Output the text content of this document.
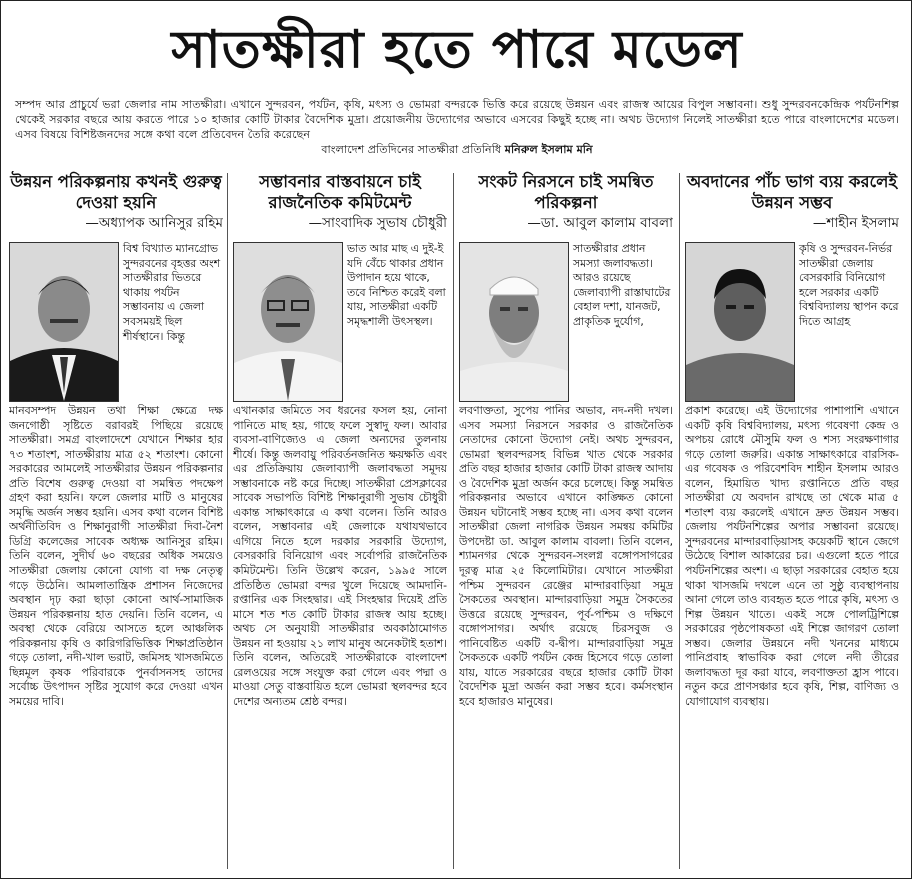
সাতক্ষীরা হতে পারে মডেল
সম্পদ আর প্রাচুর্যে ভরা জেলার নাম সাতক্ষীরা। এখানে সুন্দরবন, পর্যটন, কৃষি, মৎস্য ও ভোমরা বন্দরকে ভিত্তি করে রয়েছে উন্নয়ন এবং রাজস্ব আয়ের বিপুল সম্ভাবনা। শুধু সুন্দরবনকেন্দ্রিক পর্যটনশিল্প থেকেই সরকার বছরে আয় করতে পারে ১০ হাজার কোটি টাকার বৈদেশিক মুদ্রা। প্রয়োজনীয় উদ্যোগের অভাবে এসবের কিছুই হচ্ছে না। অথচ উদ্যোগ নিলেই সাতক্ষীরা হতে পারে বাংলাদেশের মডেল। এসব বিষয়ে বিশিষ্টজনদের সঙ্গে কথা বলে প্রতিবেদন তৈরি করেছেন
বাংলাদেশ প্রতিদিনের সাতক্ষীরা প্রতিনিধি মনিরুল ইসলাম মনি
উন্নয়ন পরিকল্পনায় কখনই গুরুত্ব দেওয়া হয়নি
—অধ্যাপক আনিসুর রহিম
বিশ্ব বিখ্যাত ম্যানগ্রোভ সুন্দরবনের বৃহত্তর অংশ সাতক্ষীরার ভিতরে থাকায় পর্যটন সম্ভাবনায় এ জেলা সবসময়ই ছিল শীর্ষস্থানে। কিন্তু
মানবসম্পদ উন্নয়ন তথা শিক্ষা ক্ষেত্রে দক্ষ জনগোষ্ঠী সৃষ্টিতে বরাবরই পিছিয়ে রয়েছে সাতক্ষীরা। সমগ্র বাংলাদেশে যেখানে শিক্ষার হার ৭৩ শতাংশ, সাতক্ষীরায় মাত্র ৫২ শতাংশ। কোনো সরকারের আমলেই সাতক্ষীরার উন্নয়ন পরিকল্পনার প্রতি বিশেষ গুরুত্ব দেওয়া বা সমন্বিত পদক্ষেপ গ্রহণ করা হয়নি। ফলে জেলার মাটি ও মানুষের সমৃদ্ধি অর্জন সম্ভব হয়নি। এসব কথা বলেন বিশিষ্ট অর্থনীতিবিদ ও শিক্ষানুরাগী সাতক্ষীরা দিবা-নৈশ ডিগ্রি কলেজের সাবেক অধ্যক্ষ আনিসুর রহিম। তিনি বলেন, সুদীর্ঘ ৬০ বছরের অধিক সময়েও সাতক্ষীরা জেলায় কোনো যোগ্য বা দক্ষ নেতৃত্ব গড়ে উঠেনি। আমলাতান্ত্রিক প্রশাসন নিজেদের অবস্থান দৃঢ় করা ছাড়া কোনো আর্থ-সামাজিক উন্নয়ন পরিকল্পনায় হাত দেয়নি। তিনি বলেন, এ অবস্থা থেকে বেরিয়ে আসতে হলে আঞ্চলিক পরিকল্পনায় কৃষি ও কারিগরিভিত্তিক শিক্ষাপ্রতিষ্ঠান গড়ে তোলা, নদী-খাল ভরাট, জমিসহ খাসজমিতে ছিন্নমূল কৃষক পরিবারকে পুনর্বাসনসহ তাদের সর্বোচ্চ উৎপাদন সৃষ্টির সুযোগ করে দেওয়া এখন সময়ের দাবি।
সম্ভাবনার বাস্তবায়নে চাই রাজনৈতিক কমিটমেন্ট
—সাংবাদিক সুভাষ চৌধুরী
ভাত আর মাছ এ দুই-ই যদি বেঁচে থাকার প্রধান উপাদান হয়ে থাকে, তবে নিশ্চিত করেই বলা যায়, সাতক্ষীরা একটি সমৃদ্ধশালী উৎসস্থল।
এখানকার জমিতে সব ধরনের ফসল হয়, নোনা পানিতে মাছ হয়, গাছে ফলে সুস্বাদু ফল। আবার ব্যবসা-বাণিজ্যেও এ জেলা অন্যদের তুলনায় শীর্ষে। কিন্তু জলবায়ু পরিবর্তনজনিত ক্ষয়ক্ষতি এবং এর প্রতিক্রিয়ায় জেলাব্যাপী জলাবদ্ধতা সমূদয় সম্ভাবনাকে নষ্ট করে দিচ্ছে। সাতক্ষীরা প্রেসক্লাবের সাবেক সভাপতি বিশিষ্ট শিক্ষানুরাগী সুভাষ চৌধুরী একান্ত সাক্ষাৎকারে এ কথা বলেন। তিনি আরও বলেন, সম্ভাবনার এই জেলাকে যথাযথভাবে এগিয়ে নিতে হলে দরকার সরকারি উদ্যোগ, বেসরকারি বিনিয়োগ এবং সর্বোপরি রাজনৈতিক কমিটমেন্ট। তিনি উল্লেখ করেন, ১৯৯৫ সালে প্রতিষ্ঠিত ভোমরা বন্দর খুলে দিয়েছে আমদানি-রপ্তানির এক সিংহদ্বার। এই সিংহদ্বার দিয়েই প্রতি মাসে শত শত কোটি টাকার রাজস্ব আয় হচ্ছে। অথচ সে অনুযায়ী সাতক্ষীরার অবকাঠামোগত উন্নয়ন না হওয়ায় ২১ লাখ মানুষ অনেকটাই হতাশ। তিনি বলেন, অতিরেই সাতক্ষীরাকে বাংলাদেশ রেলওয়ের সঙ্গে সংযুক্ত করা গেলে এবং পদ্মা ও মাওয়া সেতু বাস্তবায়িত হলে ভোমরা স্থলবন্দর হবে দেশের অন্যতম শ্রেষ্ঠ বন্দর।
সংকট নিরসনে চাই সমন্বিত পরিকল্পনা
—ডা. আবুল কালাম বাবলা
সাতক্ষীরার প্রধান সমস্যা জলাবদ্ধতা। আরও রয়েছে জেলাব্যাপী রাস্তাঘাটের বেহাল দশা, যানজট, প্রাকৃতিক দুর্যোগ,
লবণাক্ততা, সুপেয় পানির অভাব, নদ-নদী দখল। এসব সমস্যা নিরসনে সরকার ও রাজনৈতিক নেতাদের কোনো উদ্যোগ নেই। অথচ সুন্দরবন, ভোমরা স্থলবন্দরসহ বিভিন্ন খাত থেকে সরকার প্রতি বছর হাজার হাজার কোটি টাকা রাজস্ব আদায় ও বৈদেশিক মুদ্রা অর্জন করে চলেছে। কিন্তু সমন্বিত পরিকল্পনার অভাবে এখানে কাঙ্ক্ষিত কোনো উন্নয়ন ঘটানোই সম্ভব হচ্ছে না। এসব কথা বলেন সাতক্ষীরা জেলা নাগরিক উন্নয়ন সমন্বয় কমিটির উপদেষ্টা ডা. আবুল কালাম বাবলা। তিনি বলেন, শ্যামনগর থেকে সুন্দরবন-সংলগ্ন বঙ্গোপসাগরের দূরত্ব মাত্র ২৫ কিলোমিটার। যেখানে সাতক্ষীরা পশ্চিম সুন্দরবন রেঞ্জের মান্দারবাড়িয়া সমুদ্র সৈকতের অবস্থান। মান্দারবাড়িয়া সমুদ্র সৈকতের উত্তরে রয়েছে সুন্দরবন, পূর্ব-পশ্চিম ও দক্ষিণে বঙ্গোপসাগর। অর্থাৎ রয়েছে চিরসবুজ ও পানিবেষ্টিত একটি ব-দ্বীপ। মান্দারবাড়িয়া সমুদ্র সৈকতকে একটি পর্যটন কেন্দ্র হিসেবে গড়ে তোলা যায়, যাতে সরকারের বছরে হাজার কোটি টাকা বৈদেশিক মুদ্রা অর্জন করা সম্ভব হবে। কর্মসংস্থান হবে হাজারও মানুষের।
অবদানের পাঁচ ভাগ ব্যয় করলেই উন্নয়ন সম্ভব
—শাহীন ইসলাম
কৃষি ও সুন্দরবন-নির্ভর সাতক্ষীরা জেলায় বেসরকারি বিনিয়োগ হলে সরকার একটি বিশ্ববিদ্যালয় স্থাপন করে দিতে আগ্রহ
প্রকাশ করেছে। এই উদ্যোগের পাশাপাশি এখানে একটি কৃষি বিশ্ববিদ্যালয়, মৎস্য গবেষণা কেন্দ্র ও অপচয় রোধে মৌসুমি ফল ও শস্য সংরক্ষণাগার গড়ে তোলা জরুরি। একান্ত সাক্ষাৎকারে বারসিক-এর গবেষক ও পরিবেশবিদ শাহীন ইসলাম আরও বলেন, হিমায়িত খাদ্য রপ্তানিতে প্রতি বছর সাতক্ষীরা যে অবদান রাখছে তা থেকে মাত্র ৫ শতাংশ ব্যয় করলেই এখানে দ্রুত উন্নয়ন সম্ভব। জেলায় পর্যটনশিল্পের অপার সম্ভাবনা রয়েছে। সুন্দরবনের মান্দারবাড়িয়াসহ কয়েকটি স্থানে জেগে উঠেছে বিশাল আকারের চর। এগুলো হতে পারে পর্যটনশিল্পের অংশ। এ ছাড়া সরকারের বেহাত হয়ে থাকা খাসজমি দখলে এনে তা সুষ্ঠু ব্যবস্থাপনায় আনা গেলে তাও ব্যবহৃত হতে পারে কৃষি, মৎস্য ও শিল্প উন্নয়ন খাতে। একই সঙ্গে পোলট্রিশিল্পে সরকারের পৃষ্ঠপোষকতা এই শিল্পে জাগরণ তোলা সম্ভব। জেলার উন্নয়নে নদী খননের মাধ্যমে পানিপ্রবাহ স্বাভাবিক করা গেলে নদী তীরের জলাবদ্ধতা দূর করা যাবে, লবণাক্ততা হ্রাস পাবে। নতুন করে প্রাণসঞ্চার হবে কৃষি, শিল্প, বাণিজ্য ও যোগাযোগ ব্যবস্থায়।
